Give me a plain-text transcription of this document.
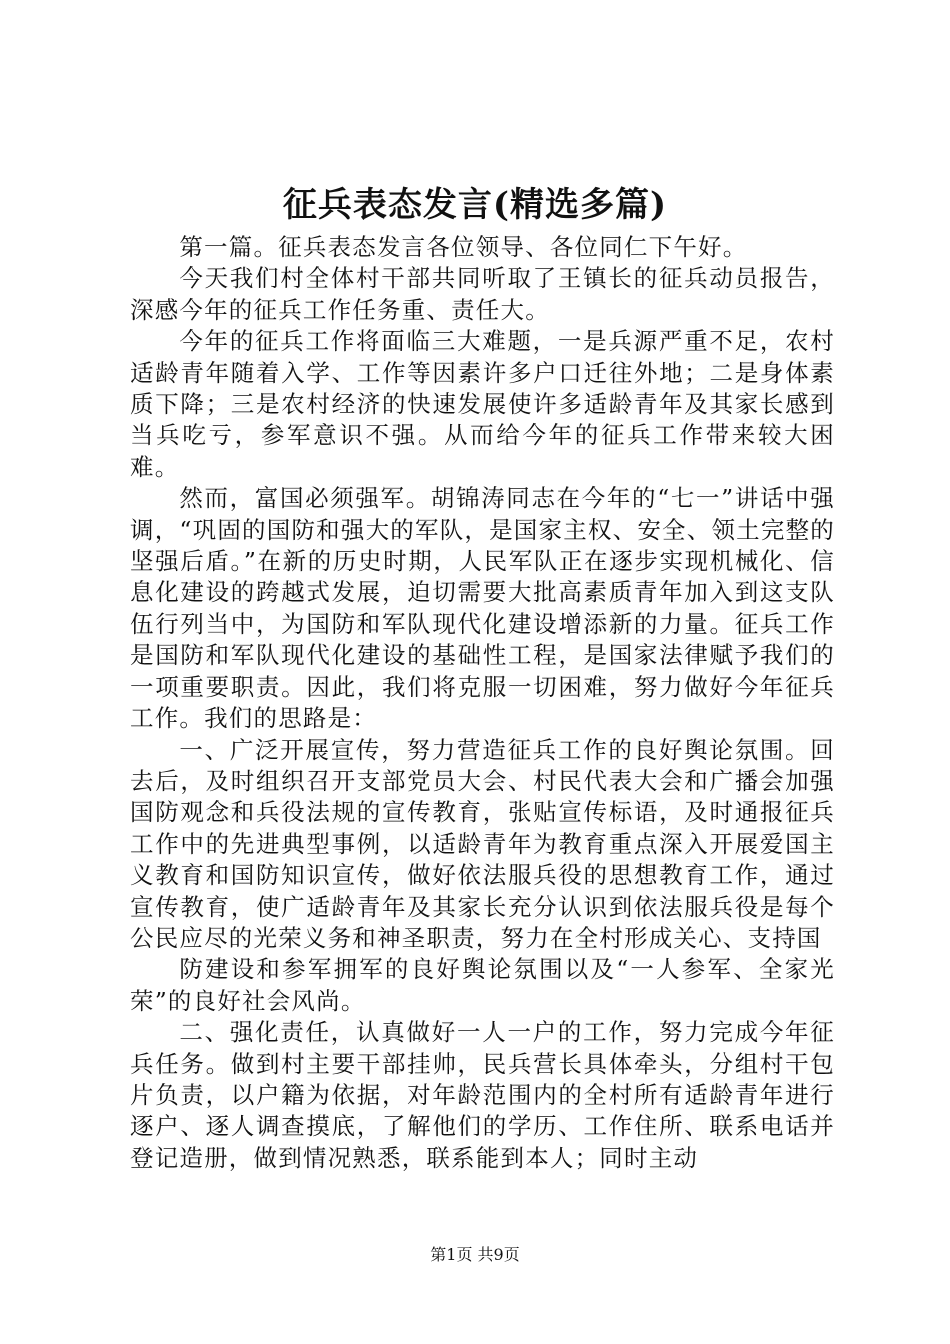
征兵表态发言(精选多篇)

第一篇。征兵表态发言各位领导、各位同仁下午好。

今天我们村全体村干部共同听取了王镇长的征兵动员报告，深感今年的征兵工作任务重、责任大。

今年的征兵工作将面临三大难题，一是兵源严重不足，农村适龄青年随着入学、工作等因素许多户口迁往外地；二是身体素质下降；三是农村经济的快速发展使许多适龄青年及其家长感到当兵吃亏，参军意识不强。从而给今年的征兵工作带来较大困难。

然而，富国必须强军。胡锦涛同志在今年的“七一”讲话中强调，“巩固的国防和强大的军队，是国家主权、安全、领土完整的坚强后盾。”在新的历史时期，人民军队正在逐步实现机械化、信息化建设的跨越式发展，迫切需要大批高素质青年加入到这支队伍行列当中，为国防和军队现代化建设增添新的力量。征兵工作是国防和军队现代化建设的基础性工程，是国家法律赋予我们的一项重要职责。因此，我们将克服一切困难，努力做好今年征兵工作。我们的思路是：

一、广泛开展宣传，努力营造征兵工作的良好舆论氛围。回去后，及时组织召开支部党员大会、村民代表大会和广播会加强国防观念和兵役法规的宣传教育，张贴宣传标语，及时通报征兵工作中的先进典型事例，以适龄青年为教育重点深入开展爱国主义教育和国防知识宣传，做好依法服兵役的思想教育工作，通过宣传教育，使广适龄青年及其家长充分认识到依法服兵役是每个公民应尽的光荣义务和神圣职责，努力在全村形成关心、支持国

防建设和参军拥军的良好舆论氛围以及“一人参军、全家光荣”的良好社会风尚。

二、强化责任，认真做好一人一户的工作，努力完成今年征兵任务。做到村主要干部挂帅，民兵营长具体牵头，分组村干包片负责，以户籍为依据，对年龄范围内的全村所有适龄青年进行逐户、逐人调查摸底，了解他们的学历、工作住所、联系电话并登记造册，做到情况熟悉，联系能到本人；同时主动

第1页 共9页
